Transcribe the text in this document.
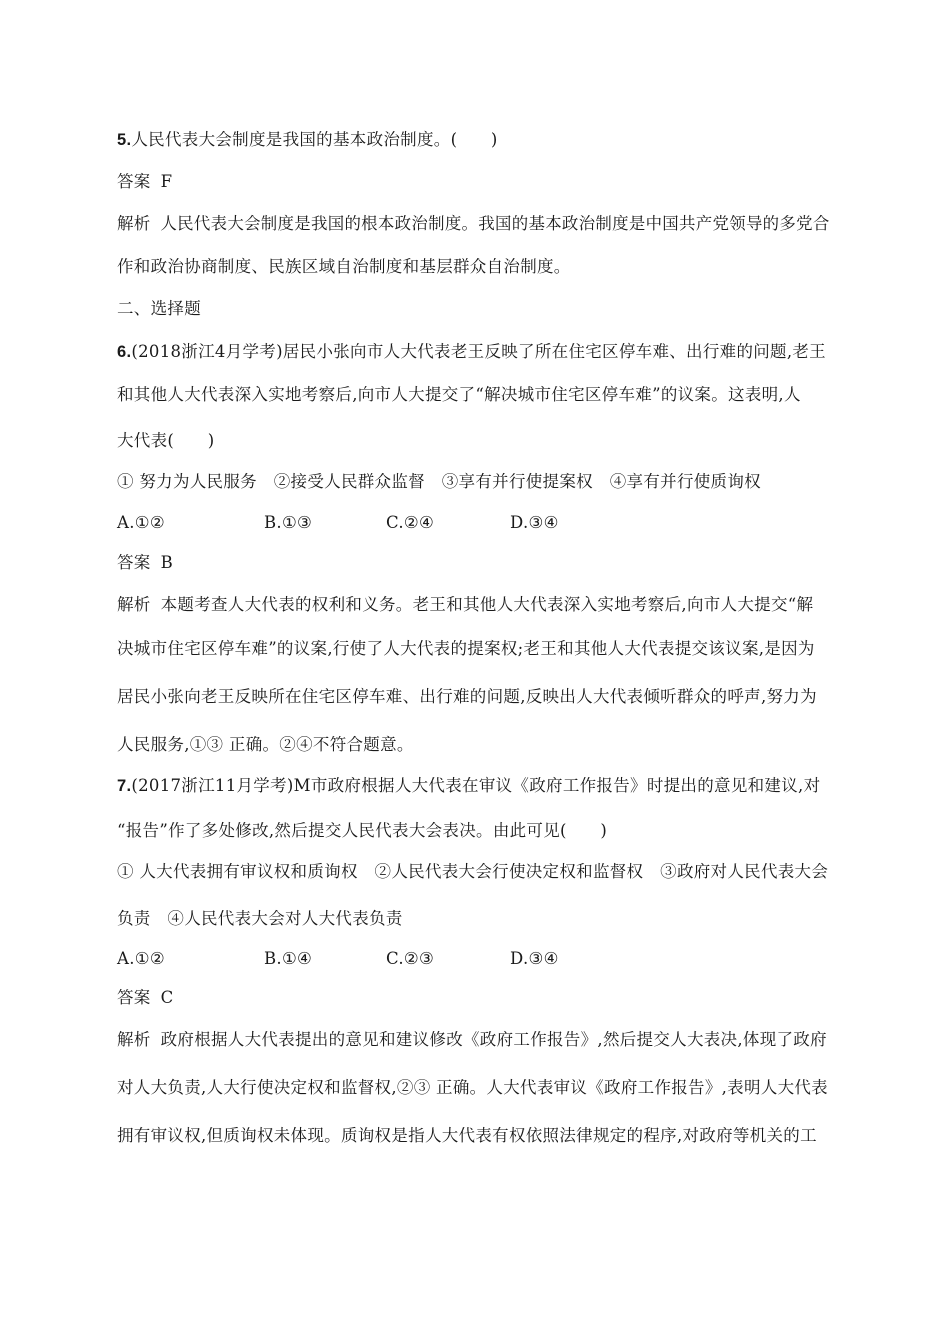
5.人民代表大会制度是我国的基本政治制度。(　　)
答案 F
解析 人民代表大会制度是我国的根本政治制度。我国的基本政治制度是中国共产党领导的多党合
作和政治协商制度、民族区域自治制度和基层群众自治制度。
二、选择题
6.(2018浙江4月学考)居民小张向市人大代表老王反映了所在住宅区停车难、出行难的问题,老王
和其他人大代表深入实地考察后,向市人大提交了“解决城市住宅区停车难”的议案。这表明,人
大代表(　　)
① 努力为人民服务　②接受人民群众监督　③享有并行使提案权　④享有并行使质询权
A.①②	B.①③	C.②④	D.③④
答案 B
解析 本题考查人大代表的权利和义务。老王和其他人大代表深入实地考察后,向市人大提交“解
决城市住宅区停车难”的议案,行使了人大代表的提案权;老王和其他人大代表提交该议案,是因为
居民小张向老王反映所在住宅区停车难、出行难的问题,反映出人大代表倾听群众的呼声,努力为
人民服务,①③ 正确。②④不符合题意。
7.(2017浙江11月学考)M市政府根据人大代表在审议《政府工作报告》时提出的意见和建议,对
“报告”作了多处修改,然后提交人民代表大会表决。由此可见(　　)
① 人大代表拥有审议权和质询权　②人民代表大会行使决定权和监督权　③政府对人民代表大会
负责　④人民代表大会对人大代表负责
A.①②	B.①④	C.②③	D.③④
答案 C
解析 政府根据人大代表提出的意见和建议修改《政府工作报告》,然后提交人大表决,体现了政府
对人大负责,人大行使决定权和监督权,②③ 正确。人大代表审议《政府工作报告》,表明人大代表
拥有审议权,但质询权未体现。质询权是指人大代表有权依照法律规定的程序,对政府等机关的工
